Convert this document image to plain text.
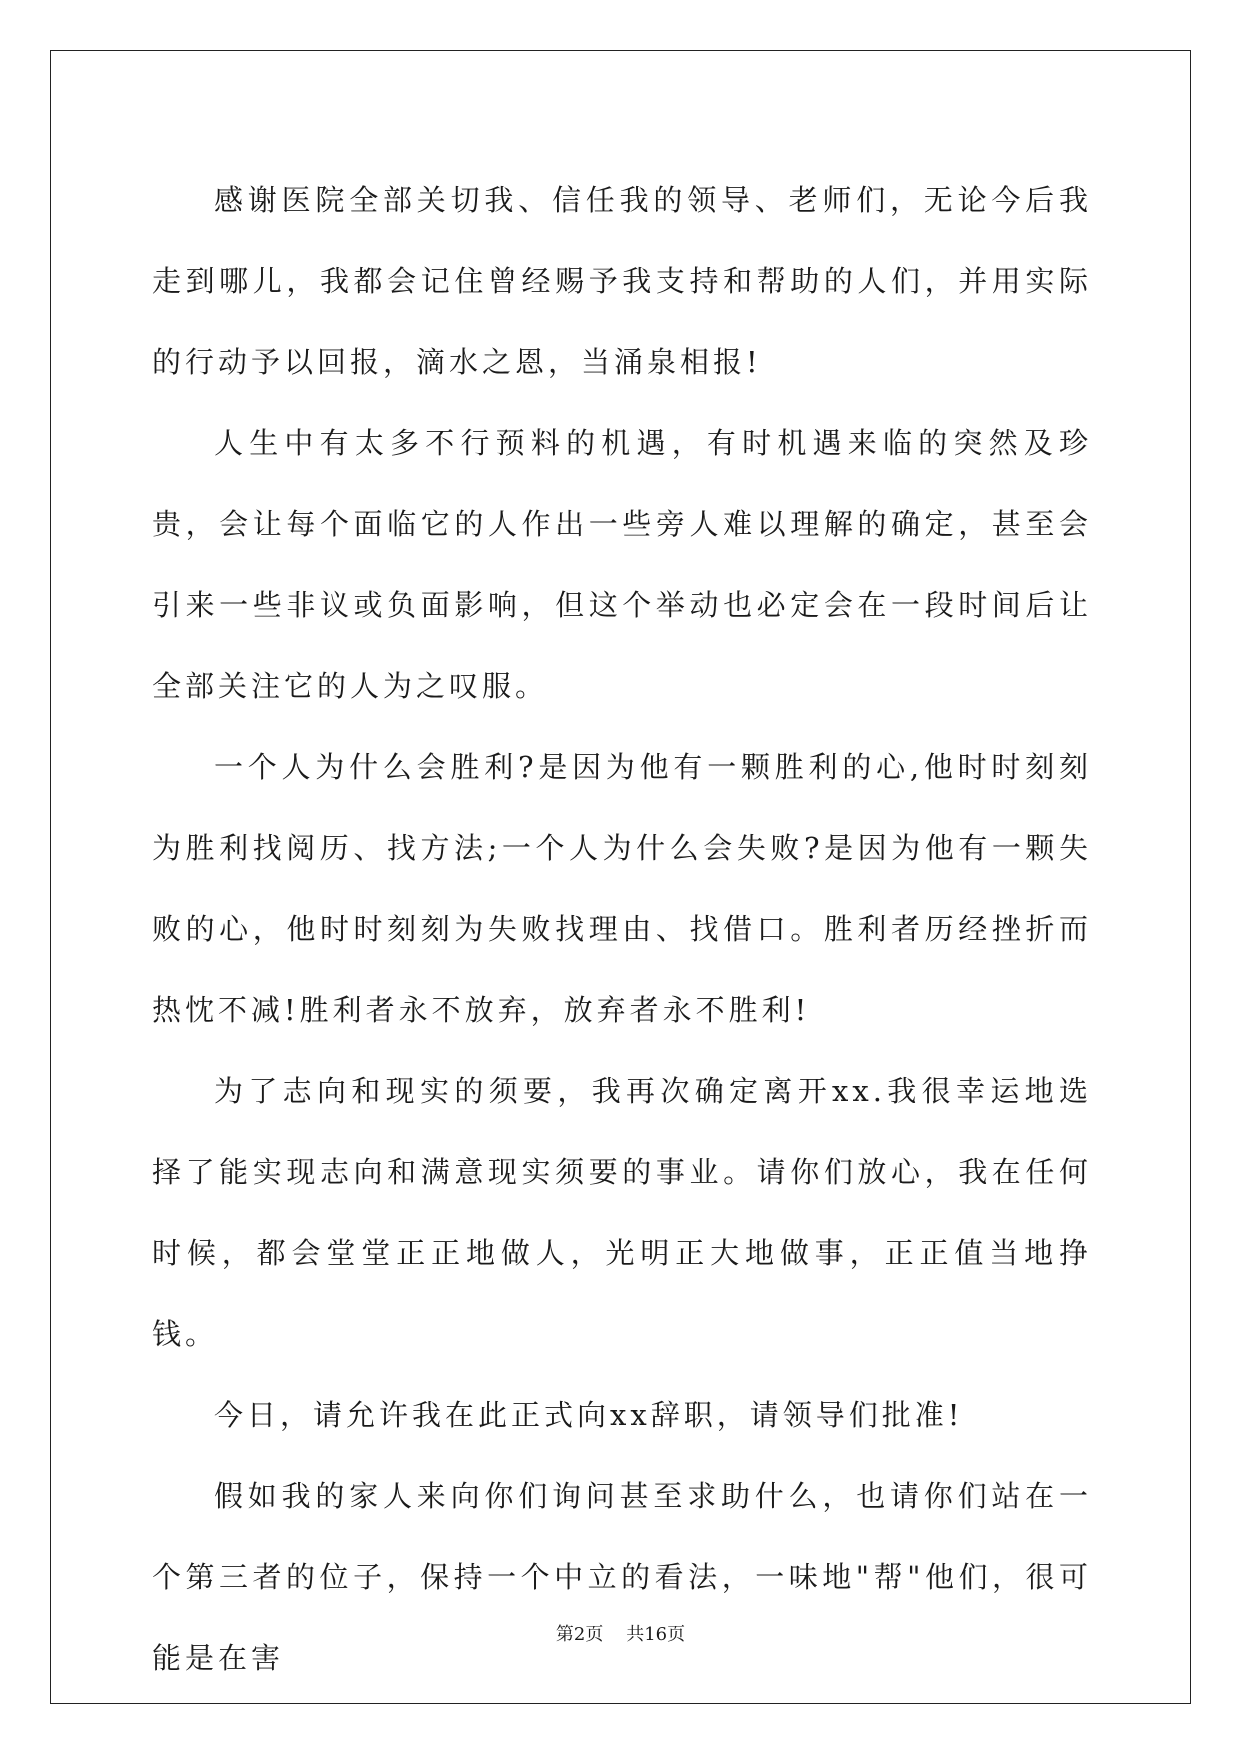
感谢医院全部关切我、信任我的领导、老师们，无论今后我走到哪儿，我都会记住曾经赐予我支持和帮助的人们，并用实际的行动予以回报，滴水之恩，当涌泉相报!

人生中有太多不行预料的机遇，有时机遇来临的突然及珍贵，会让每个面临它的人作出一些旁人难以理解的确定，甚至会引来一些非议或负面影响，但这个举动也必定会在一段时间后让全部关注它的人为之叹服。

一个人为什么会胜利?是因为他有一颗胜利的心,他时时刻刻为胜利找阅历、找方法;一个人为什么会失败?是因为他有一颗失败的心，他时时刻刻为失败找理由、找借口。胜利者历经挫折而热忱不减!胜利者永不放弃，放弃者永不胜利!

为了志向和现实的须要，我再次确定离开xx.我很幸运地选择了能实现志向和满意现实须要的事业。请你们放心，我在任何时候，都会堂堂正正地做人，光明正大地做事，正正值当地挣钱。

今日，请允许我在此正式向xx辞职，请领导们批准!

假如我的家人来向你们询问甚至求助什么，也请你们站在一个第三者的位子，保持一个中立的看法，一味地"帮"他们，很可能是在害

第2页    共16页
